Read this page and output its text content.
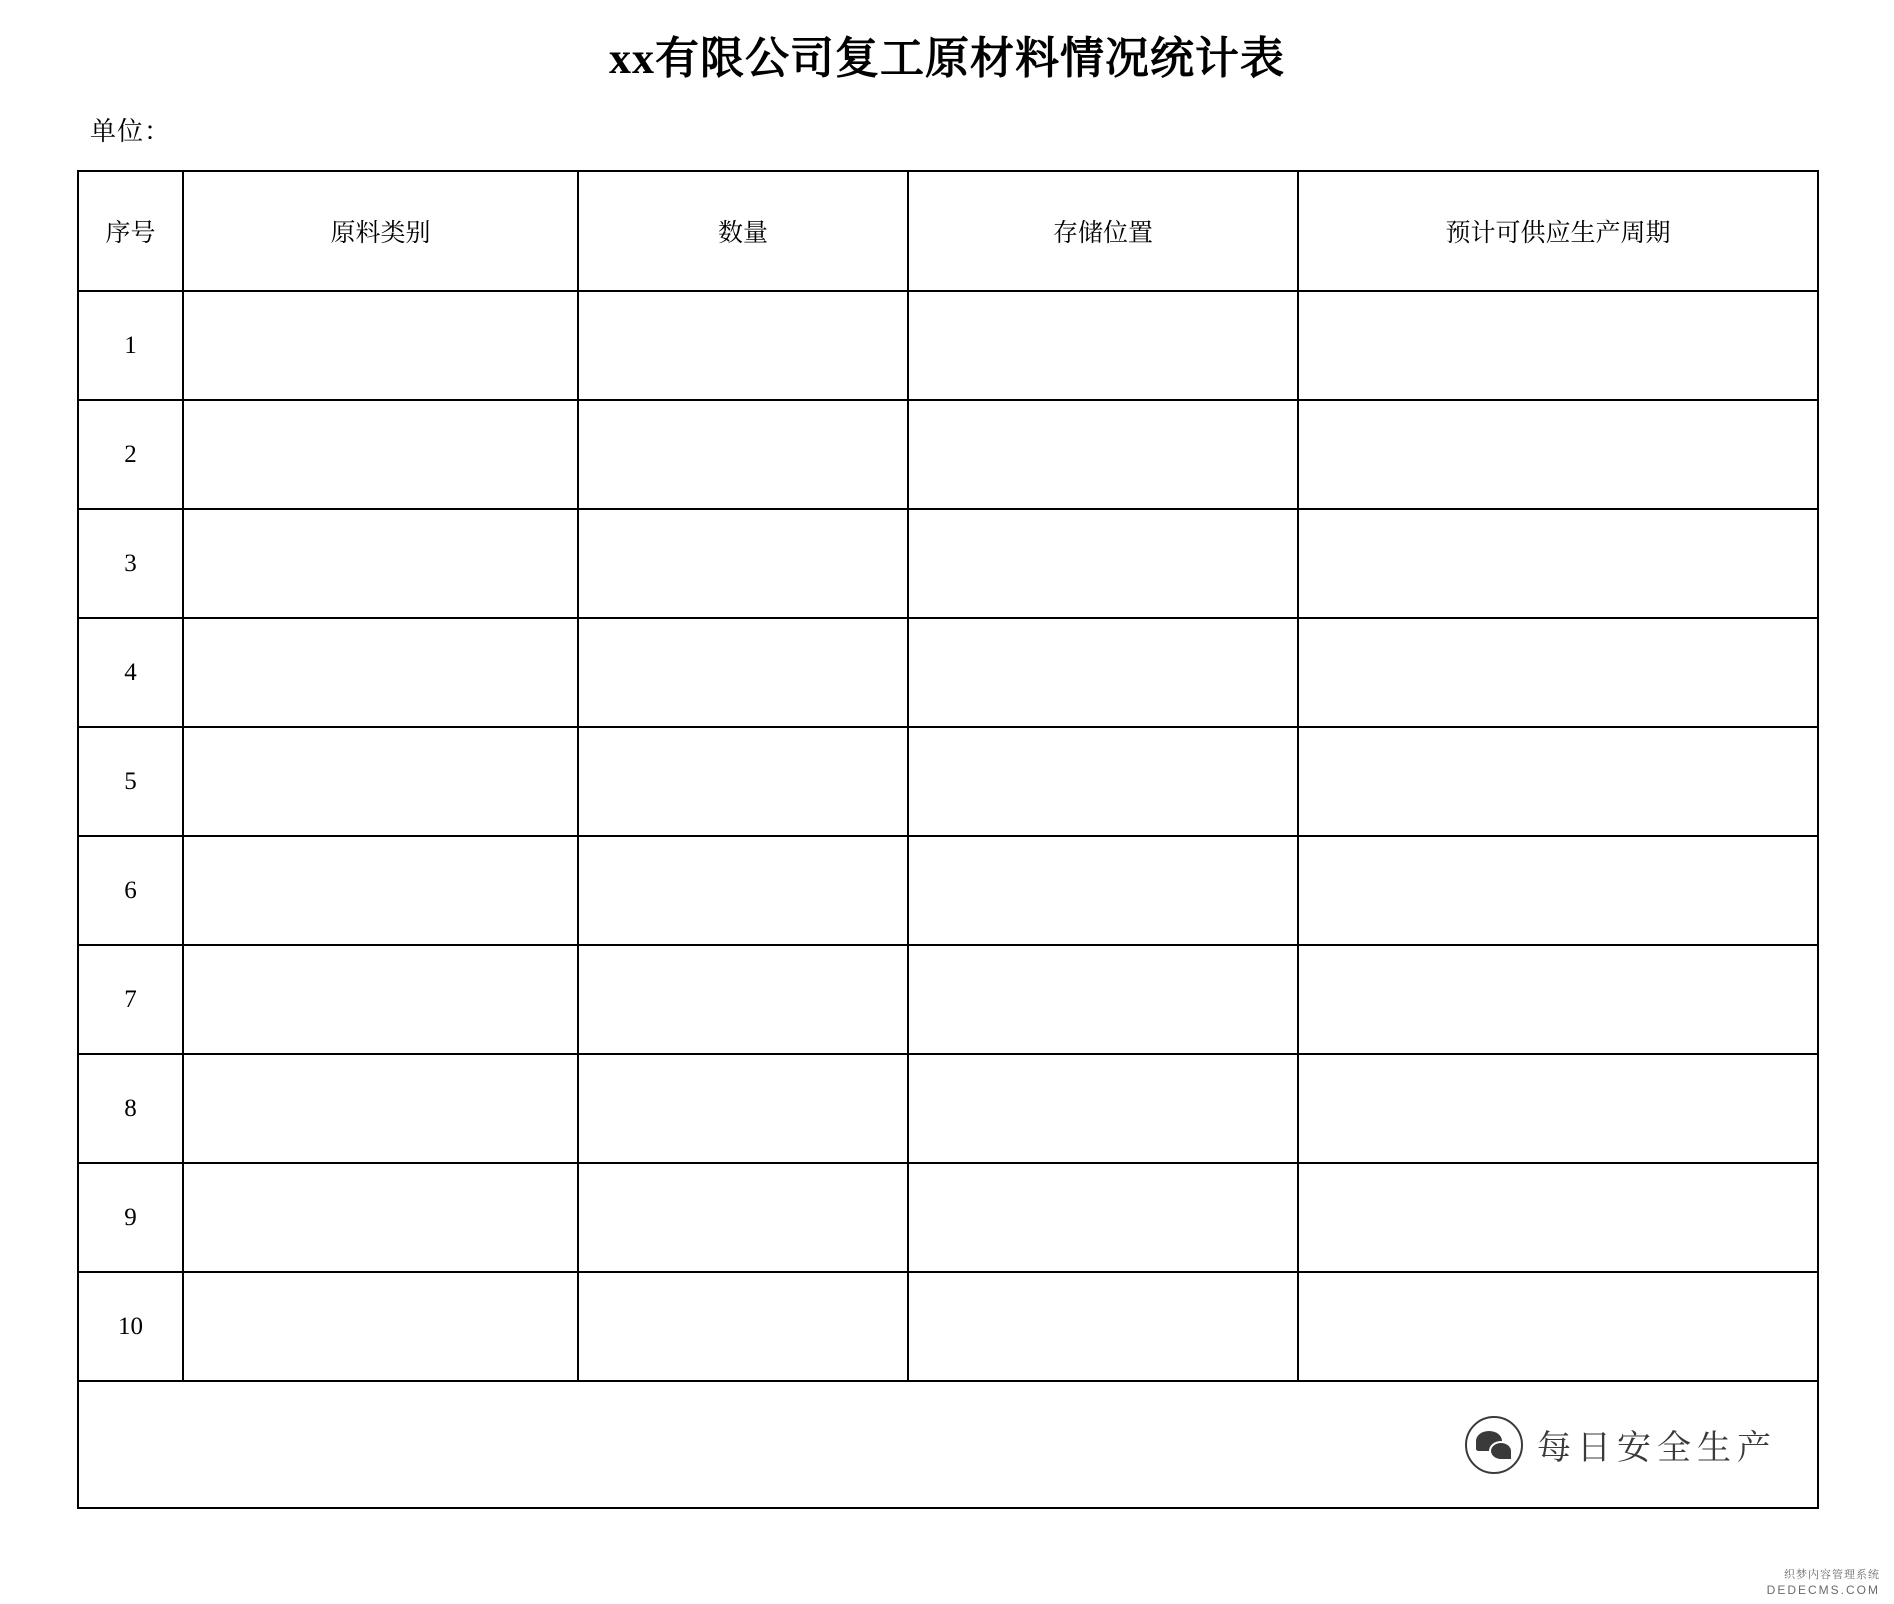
xx有限公司复工原材料情况统计表
单位：
序号	原料类别	数量	存储位置	预计可供应生产周期
1				
2				
3				
4				
5				
6				
7				
8				
9				
10				

每日安全生产				
织梦内容管理系统
DEDECMS.COM
